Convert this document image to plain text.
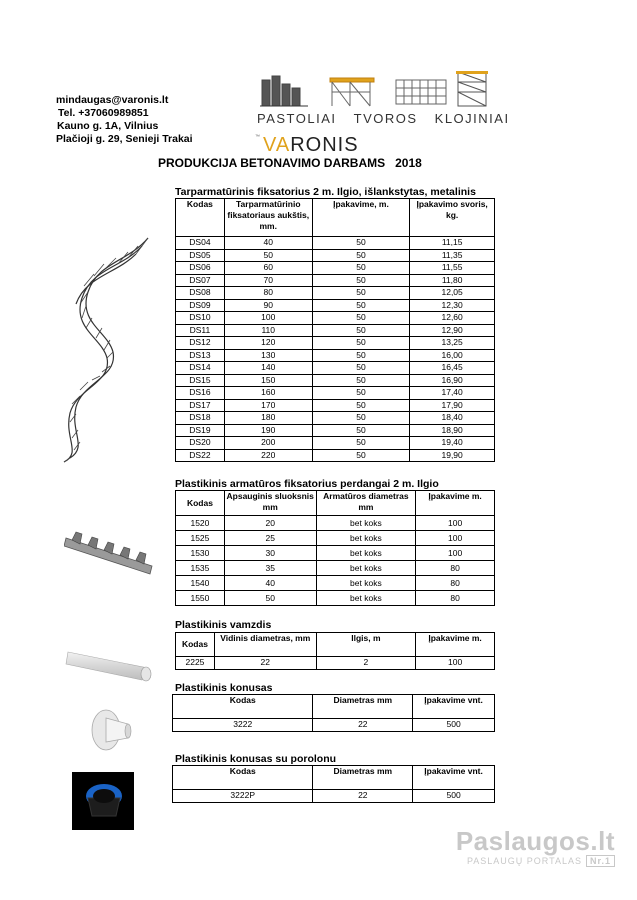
mindaugas@varonis.lt
Tel. +37060989851
Kauno g. 1A, Vilnius
Plačioji g. 29, Senieji Trakai
PASTOLIAI TVOROS KLOJINIAI
™ VARONIS
PRODUKCIJA BETONAVIMO DARBAMS   2018
Tarparmatūrinis fiksatorius 2 m. Ilgio, išlankstytas, metalinis
Kodas	Tarparmatūrinio fiksatoriaus aukštis, mm.	Įpakavime, m.	Įpakavimo svoris, kg.
DS04	40	50	11,15
DS05	50	50	11,35
DS06	60	50	11,55
DS07	70	50	11,80
DS08	80	50	12,05
DS09	90	50	12,30
DS10	100	50	12,60
DS11	110	50	12,90
DS12	120	50	13,25
DS13	130	50	16,00
DS14	140	50	16,45
DS15	150	50	16,90
DS16	160	50	17,40
DS17	170	50	17,90
DS18	180	50	18,40
DS19	190	50	18,90
DS20	200	50	19,40
DS22	220	50	19,90
Plastikinis armatūros fiksatorius perdangai 2 m. Ilgio
Kodas	Apsauginis sluoksnis mm	Armatūros diametras mm	Įpakavime m.
1520	20	bet koks	100
1525	25	bet koks	100
1530	30	bet koks	100
1535	35	bet koks	80
1540	40	bet koks	80
1550	50	bet koks	80
Plastikinis vamzdis
Kodas	Vidinis diametras, mm	Ilgis, m	Įpakavime m.
2225	22	2	100
Plastikinis konusas
Kodas	Diametras mm	Įpakavime vnt.
3222	22	500
Plastikinis konusas su porolonu
Kodas	Diametras mm	Įpakavime vnt.
3222P	22	500
Paslaugos.lt
PASLAUGŲ PORTALAS Nr.1
